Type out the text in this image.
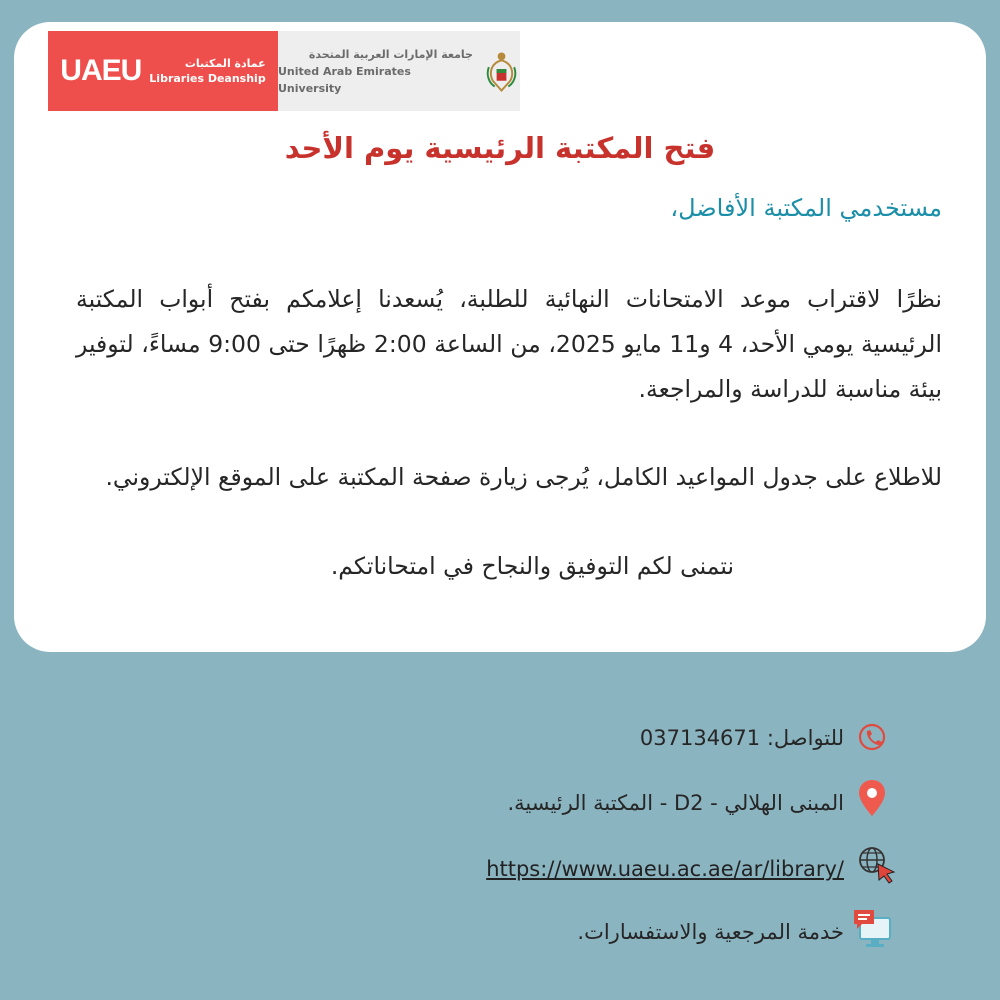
UAEU	عمادة المكتبات
Libraries Deanship
جامعة الإمارات العربية المتحدة
United Arab Emirates University
فتح المكتبة الرئيسية يوم الأحد
مستخدمي المكتبة الأفاضل،

نظرًا لاقتراب موعد الامتحانات النهائية للطلبة، يُسعدنا إعلامكم بفتح أبواب المكتبة الرئيسية يومي الأحد، 4 و11 مايو 2025، من الساعة 2:00 ظهرًا حتى 9:00 مساءً، لتوفير بيئة مناسبة للدراسة والمراجعة.

للاطلاع على جدول المواعيد الكامل، يُرجى زيارة صفحة المكتبة على الموقع الإلكتروني.

نتمنى لكم التوفيق والنجاح في امتحاناتكم.
للتواصل: 037134671
المبنى الهلالي - D2 - المكتبة الرئيسية.
https://www.uaeu.ac.ae/ar/library/
خدمة المرجعية والاستفسارات.
